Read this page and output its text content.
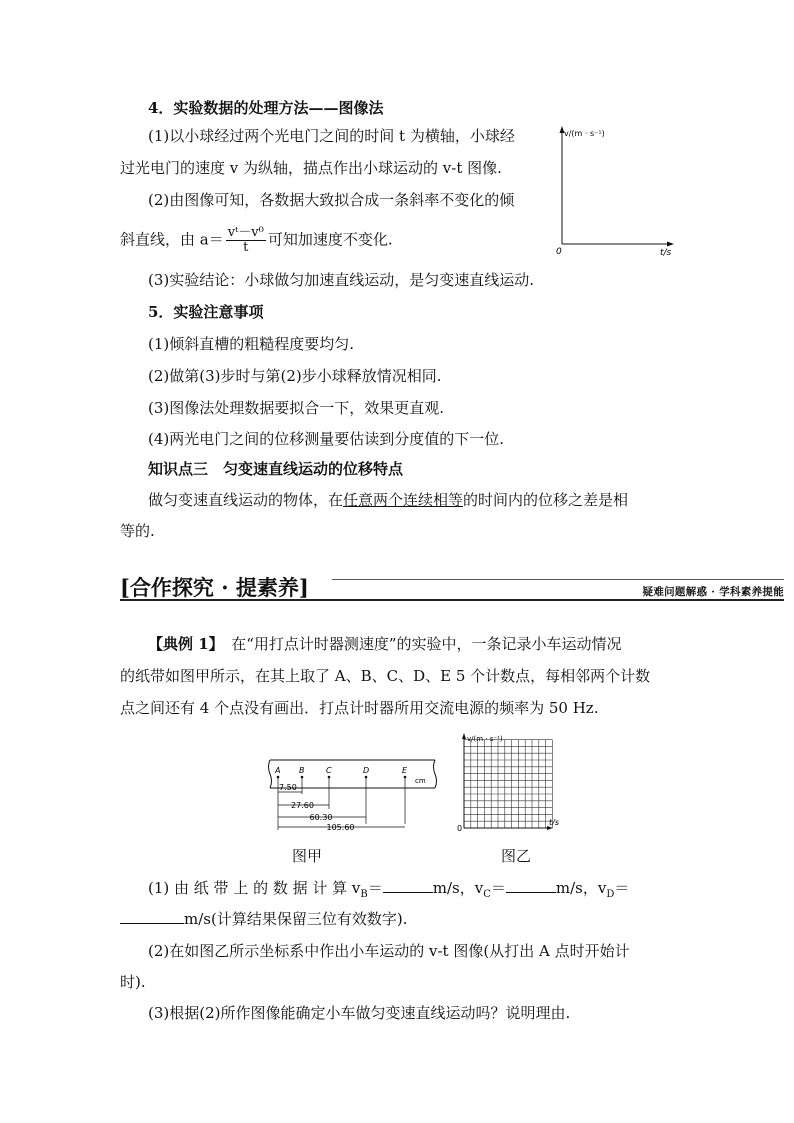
4．实验数据的处理方法——图像法
(1)以小球经过两个光电门之间的时间 t 为横轴，小球经
过光电门的速度 v 为纵轴，描点作出小球运动的 v-t 图像.
(2)由图像可知，各数据大致拟合成一条斜率不变化的倾
斜直线，由 $a= \frac{\text{vᵗ－v⁰}}{t}$ 可知加速度不变化.
(3)实验结论：小球做匀加速直线运动，是匀变速直线运动.
v/(m · s⁻¹)
0	t/s
5．实验注意事项
(1)倾斜直槽的粗糙程度要均匀.
(2)做第(3)步时与第(2)步小球释放情况相同.
(3)图像法处理数据要拟合一下，效果更直观.
(4)两光电门之间的位移测量要估读到分度值的下一位.
知识点三　匀变速直线运动的位移特点
做匀变速直线运动的物体，在任意两个连续相等的时间内的位移之差是相
等的.
[合作探究 · 提素养]	疑难问题解惑 · 学科素养提能
【典例 1】　 在“用打点计时器测速度”的实验中，一条记录小车运动情况
的纸带如图甲所示，在其上取了 A、B、C、D、E 5 个计数点，每相邻两个计数
点之间还有 4 个点没有画出．打点计时器所用交流电源的频率为 50 Hz.
A B	C	D	E
cm
7.50
27.60
60.30
105.60
v/(m · s⁻¹)
0
t/s
图甲	图乙
(1) 由 纸 带 上 的 数 据 计 算 $v_B=$	m/s，$v_C=$	m/s，$v_D=$
m/s(计算结果保留三位有效数字).
(2)在如图乙所示坐标系中作出小车运动的 v-t 图像(从打出 A 点时开始计
时).
(3)根据(2)所作图像能确定小车做匀变速直线运动吗？说明理由.
